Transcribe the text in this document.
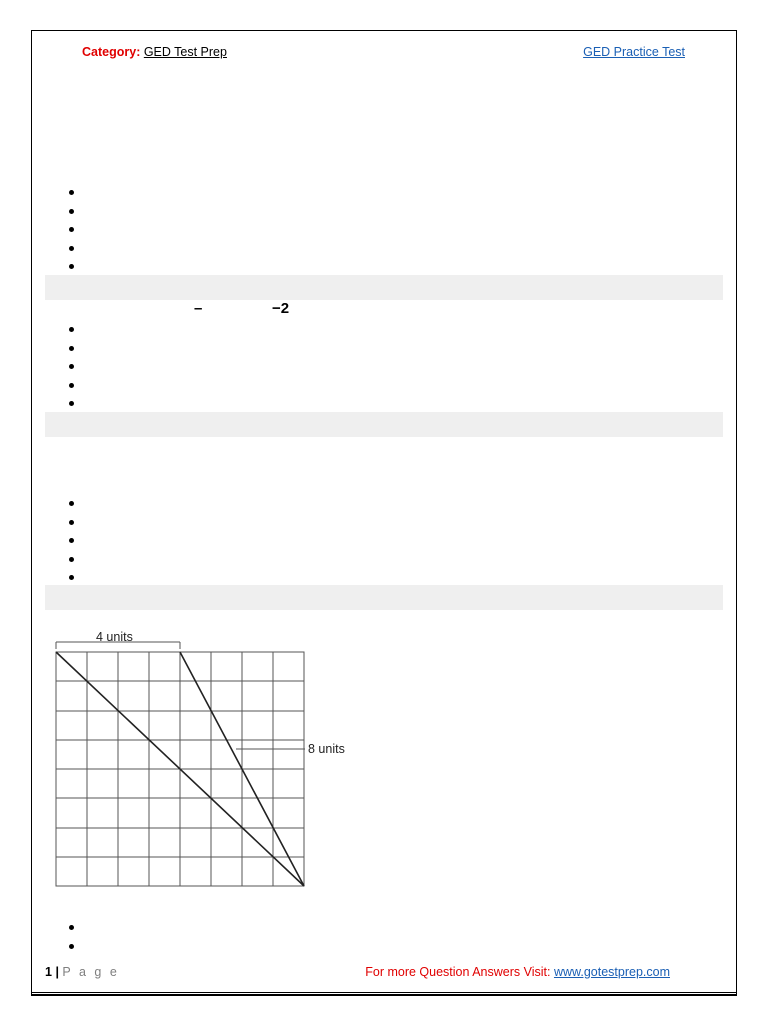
Category: GED Test Prep	GED Practice Test
–	−2
4 units
8 units
1 | P a g e	For more Question Answers Visit: www.gotestprep.com
